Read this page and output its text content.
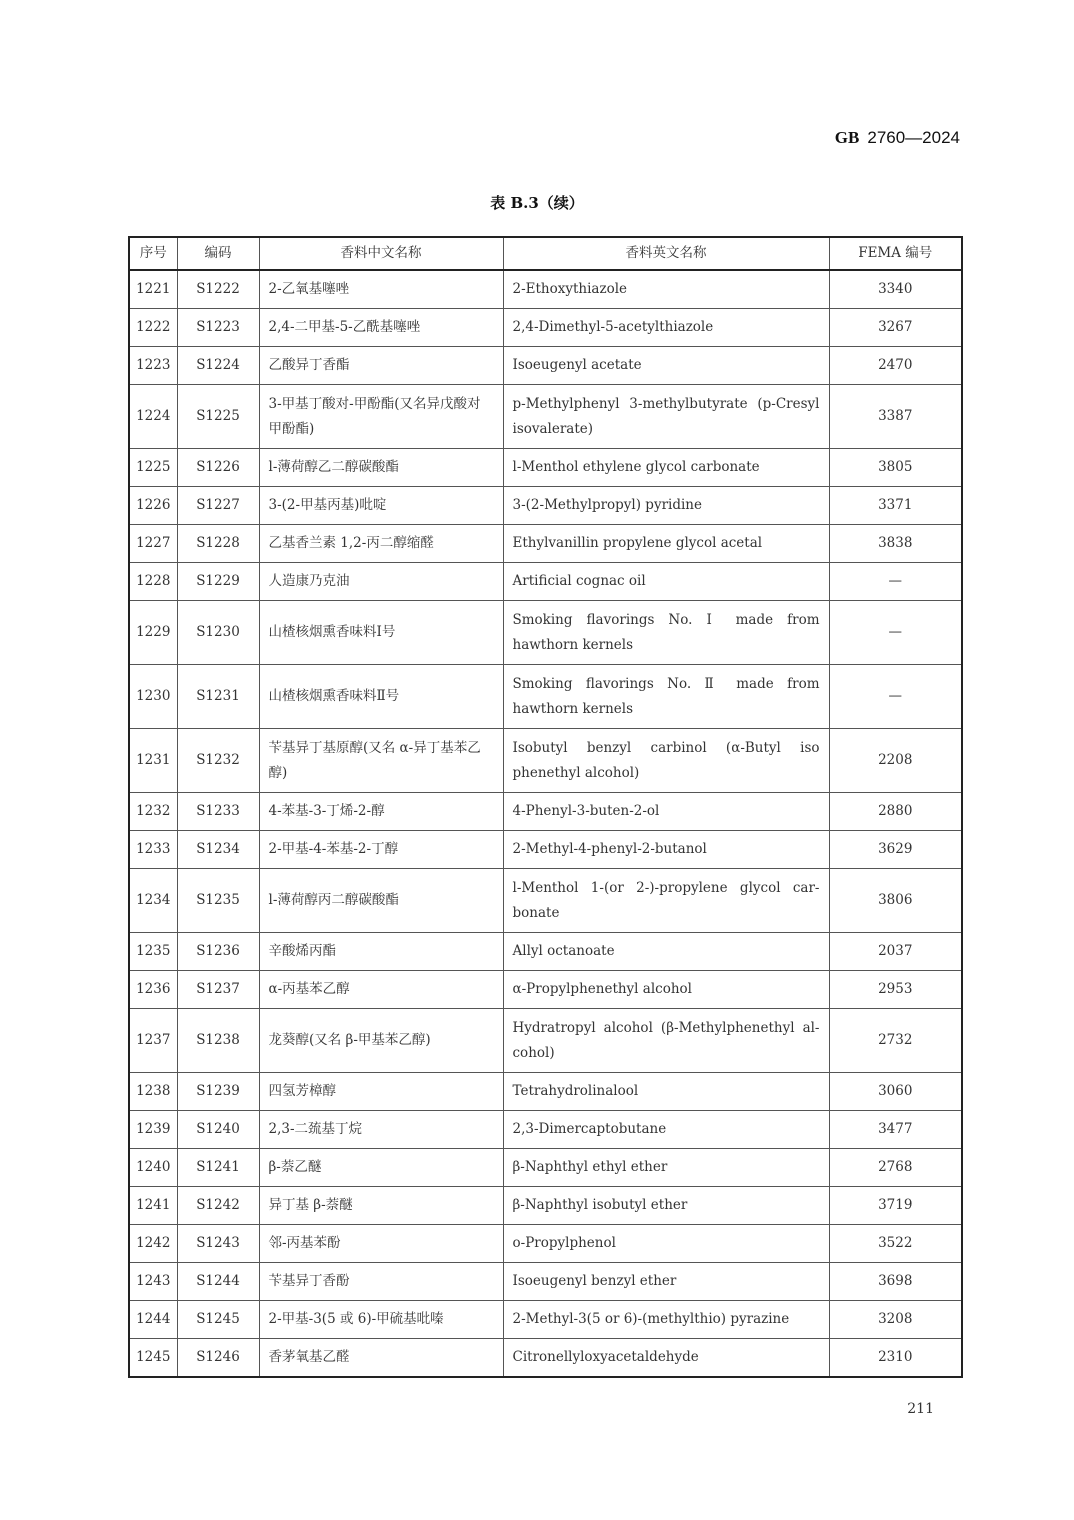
GB 2760—2024
表 B.3（续）
序号	编码	香料中文名称	香料英文名称	FEMA 编号
1221	S1222	2-乙氧基噻唑	2-Ethoxythiazole	3340
1222	S1223	2,4-二甲基-5-乙酰基噻唑	2,4-Dimethyl-5-acetylthiazole	3267
1223	S1224	乙酸异丁香酯	Isoeugenyl acetate	2470
1224	S1225	3-甲基丁酸对-甲酚酯(又名异戊酸对甲酚酯)	p-Methylphenyl 3-methylbutyrate (p-Cresyl isovalerate)	3387
1225	S1226	l-薄荷醇乙二醇碳酸酯	l-Menthol ethylene glycol carbonate	3805
1226	S1227	3-(2-甲基丙基)吡啶	3-(2-Methylpropyl) pyridine	3371
1227	S1228	乙基香兰素 1,2-丙二醇缩醛	Ethylvanillin propylene glycol acetal	3838
1228	S1229	人造康乃克油	Artificial cognac oil	—
1229	S1230	山楂核烟熏香味料Ⅰ号	Smoking flavorings No. Ⅰ made from hawthorn kernels	—
1230	S1231	山楂核烟熏香味料Ⅱ号	Smoking flavorings No. Ⅱ made from hawthorn kernels	—
1231	S1232	苄基异丁基原醇(又名 α-异丁基苯乙醇)	Isobutyl benzyl carbinol (α-Butyl iso phenethyl alcohol)	2208
1232	S1233	4-苯基-3-丁烯-2-醇	4-Phenyl-3-buten-2-ol	2880
1233	S1234	2-甲基-4-苯基-2-丁醇	2-Methyl-4-phenyl-2-butanol	3629
1234	S1235	l-薄荷醇丙二醇碳酸酯	l-Menthol 1-(or 2-)-propylene glycol car-bonate	3806
1235	S1236	辛酸烯丙酯	Allyl octanoate	2037
1236	S1237	α-丙基苯乙醇	α-Propylphenethyl alcohol	2953
1237	S1238	龙葵醇(又名 β-甲基苯乙醇)	Hydratropyl alcohol (β-Methylphenethyl al-cohol)	2732
1238	S1239	四氢芳樟醇	Tetrahydrolinalool	3060
1239	S1240	2,3-二巯基丁烷	2,3-Dimercaptobutane	3477
1240	S1241	β-萘乙醚	β-Naphthyl ethyl ether	2768
1241	S1242	异丁基 β-萘醚	β-Naphthyl isobutyl ether	3719
1242	S1243	邻-丙基苯酚	o-Propylphenol	3522
1243	S1244	苄基异丁香酚	Isoeugenyl benzyl ether	3698
1244	S1245	2-甲基-3(5 或 6)-甲硫基吡嗪	2-Methyl-3(5 or 6)-(methylthio) pyrazine	3208
1245	S1246	香茅氧基乙醛	Citronellyloxyacetaldehyde	2310
211
